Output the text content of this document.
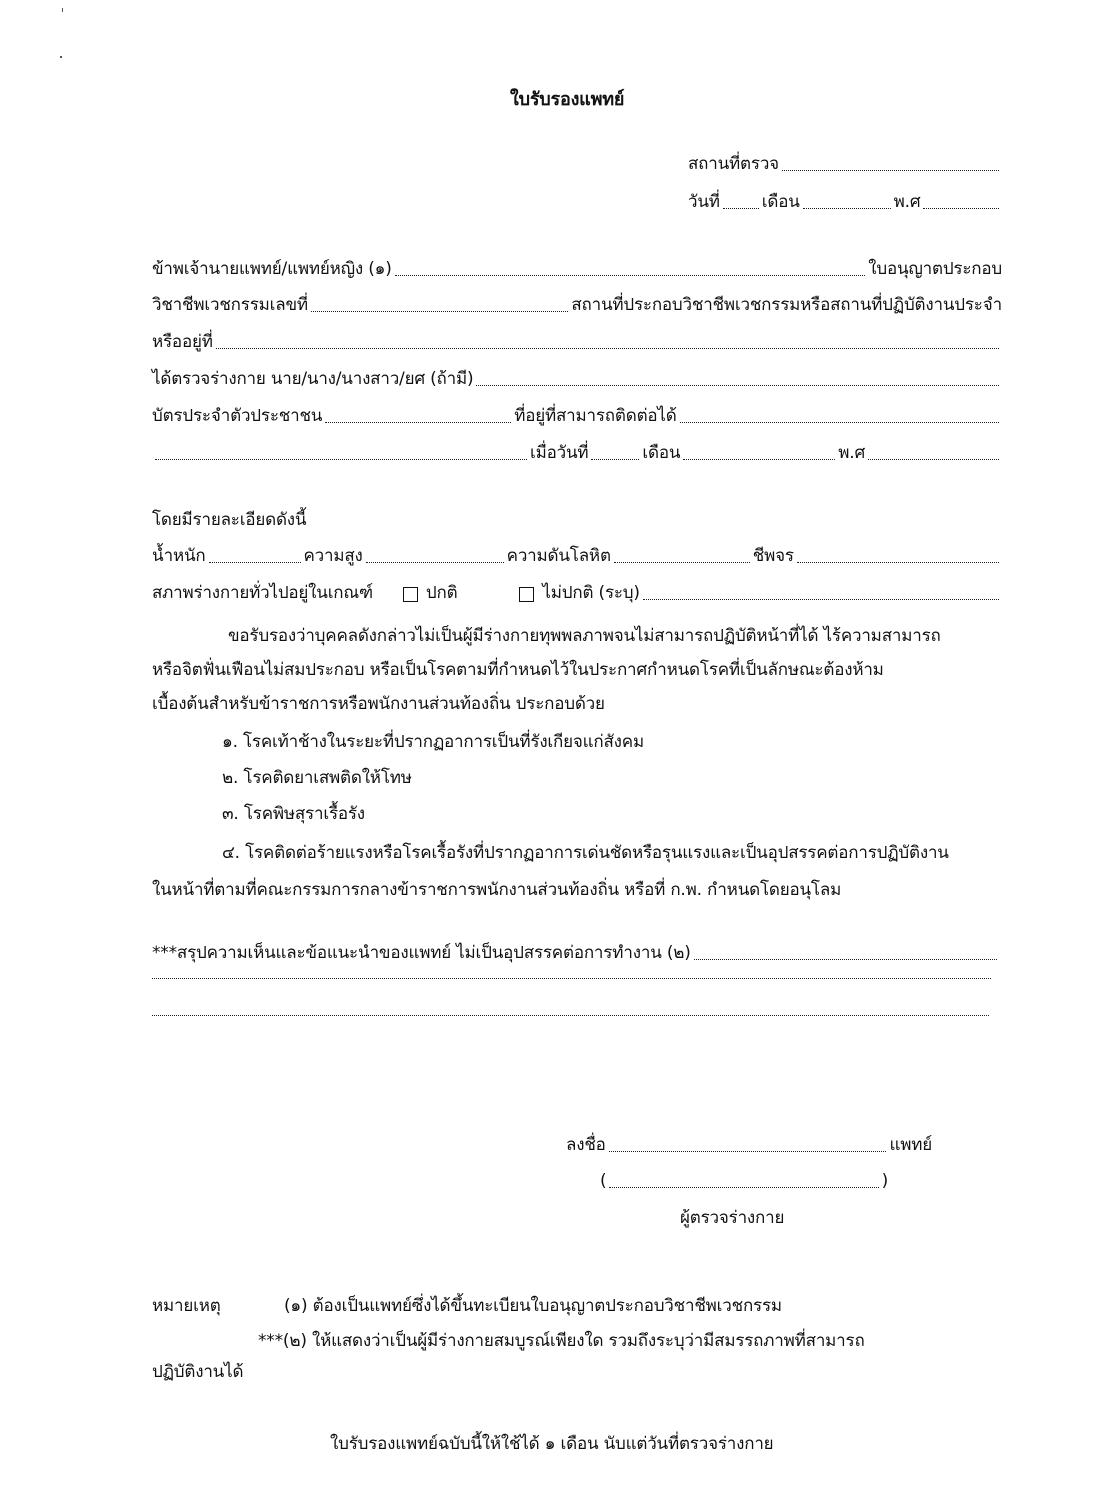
ใบรับรองแพทย์
สถานที่ตรวจ
วันที่ เดือน	พ.ศ
ข้าพเจ้านายแพทย์/แพทย์หญิง (๑)	ใบอนุญาตประกอบ
วิชาชีพเวชกรรมเลขที่	สถานที่ประกอบวิชาชีพเวชกรรมหรือสถานที่ปฏิบัติงานประจำ
หรืออยู่ที่
ได้ตรวจร่างกาย นาย/นาง/นางสาว/ยศ (ถ้ามี)
บัตรประจำตัวประชาชน	ที่อยู่ที่สามารถติดต่อได้
เมื่อวันที่	เดือน	พ.ศ
โดยมีรายละเอียดดังนี้
น้ำหนัก	ความสูง	ความดันโลหิต	ชีพจร
สภาพร่างกายทั่วไปอยู่ในเกณฑ์	ปกติ	ไม่ปกติ (ระบุ)
ขอรับรองว่าบุคคลดังกล่าวไม่เป็นผู้มีร่างกายทุพพลภาพจนไม่สามารถปฏิบัติหน้าที่ได้ ไร้ความสามารถ
หรือจิตฟั่นเฟือนไม่สมประกอบ หรือเป็นโรคตามที่กำหนดไว้ในประกาศกำหนดโรคที่เป็นลักษณะต้องห้าม
เบื้องต้นสำหรับข้าราชการหรือพนักงานส่วนท้องถิ่น ประกอบด้วย
๑. โรคเท้าช้างในระยะที่ปรากฏอาการเป็นที่รังเกียจแก่สังคม
๒. โรคติดยาเสพติดให้โทษ
๓. โรคพิษสุราเรื้อรัง
๔. โรคติดต่อร้ายแรงหรือโรคเรื้อรังที่ปรากฏอาการเด่นชัดหรือรุนแรงและเป็นอุปสรรคต่อการปฏิบัติงาน
ในหน้าที่ตามที่คณะกรรมการกลางข้าราชการพนักงานส่วนท้องถิ่น หรือที่ ก.พ. กำหนดโดยอนุโลม
***สรุปความเห็นและข้อแนะนำของแพทย์ ไม่เป็นอุปสรรคต่อการทำงาน (๒)
ลงชื่อ	แพทย์
(	)
ผู้ตรวจร่างกาย
หมายเหตุ	(๑) ต้องเป็นแพทย์ซึ่งได้ขึ้นทะเบียนใบอนุญาตประกอบวิชาชีพเวชกรรม
***(๒) ให้แสดงว่าเป็นผู้มีร่างกายสมบูรณ์เพียงใด รวมถึงระบุว่ามีสมรรถภาพที่สามารถ
ปฏิบัติงานได้
ใบรับรองแพทย์ฉบับนี้ให้ใช้ได้ ๑ เดือน นับแต่วันที่ตรวจร่างกาย
